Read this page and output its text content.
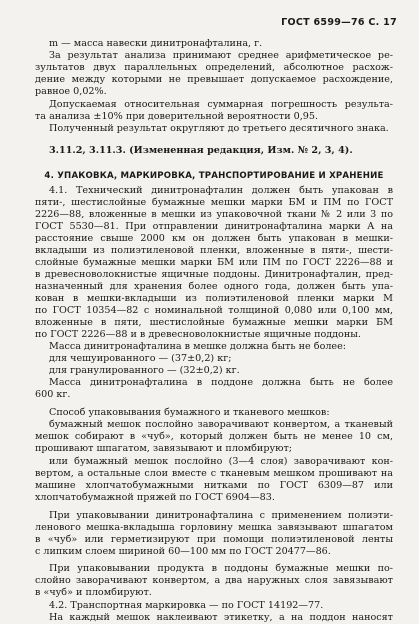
ГОСТ 6599—76 С. 17
m — масса навески динитронафталина, г.
За результат анализа принимают среднее арифметическое ре-
зультатов двух параллельных определений, абсолютное расхож-
дение между которыми не превышает допускаемое расхождение,
равное 0,02%.
Допускаемая относительная суммарная погрешность результа-
та анализа ±10% при доверительной вероятности 0,95.
Полученный результат округляют до третьего десятичного знака.
3.11.2, 3.11.3. (Измененная редакция, Изм. № 2, 3, 4).
4. УПАКОВКА, МАРКИРОВКА, ТРАНСПОРТИРОВАНИЕ И ХРАНЕНИЕ
4.1. Технический динитронафталин должен быть упакован в
пяти-, шестислойные бумажные мешки марки БМ и ПМ по ГОСТ
2226—88, вложенные в мешки из упаковочной ткани № 2 или 3 по
ГОСТ 5530—81. При отправлении динитронафталина марки А на
расстояние свыше 2000 км он должен быть упакован в мешки-
вкладыши из полиэтиленовой пленки, вложенные в пяти-, шести-
слойные бумажные мешки марки БМ или ПМ по ГОСТ 2226—88 и
в древесноволокнистые ящичные поддоны. Динитронафталин, пред-
назначенный для хранения более одного года, должен быть упа-
кован в мешки-вкладыши из полиэтиленовой пленки марки М
по ГОСТ 10354—82 с номинальной толщиной 0,080 или 0,100 мм,
вложенные в пяти, шестислойные бумажные мешки марки БМ
по ГОСТ 2226—88 и в древесноволокнистые ящичные поддоны.
Масса динитронафталина в мешке должна быть не более:
для чешуированного — (37±0,2) кг;
для гранулированного — (32±0,2) кг.
Масса динитронафталина в поддоне должна быть не более
600 кг.
Способ упаковывания бумажного и тканевого мешков:
бумажный мешок послойно заворачивают конвертом, а тканевый
мешок собирают в «чуб», который должен быть не менее 10 см,
прошивают шпагатом, завязывают и пломбируют;
или бумажный мешок послойно (3—4 слоя) заворачивают кон-
вертом, а остальные слои вместе с тканевым мешком прошивают на
машине хлопчатобумажными нитками по ГОСТ 6309—87 или
хлопчатобумажной пряжей по ГОСТ 6904—83.
При упаковывании динитронафталина с применением полиэти-
ленового мешка-вкладыша горловину мешка завязывают шпагатом
в «чуб» или герметизируют при помощи полиэтиленовой ленты
с липким слоем шириной 60—100 мм по ГОСТ 20477—86.
При упаковывании продукта в поддоны бумажные мешки по-
слойно заворачивают конвертом, а два наружных слоя завязывают
в «чуб» и пломбируют.
4.2. Транспортная маркировка — по ГОСТ 14192—77.
На каждый мешок наклеивают этикетку, а на поддон наносят
